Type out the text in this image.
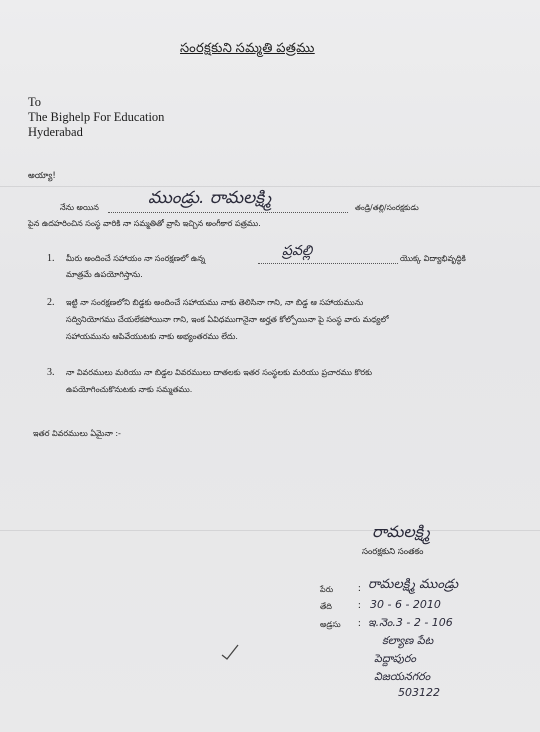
సంరక్షకుని సమ్మతి పత్రము
To
The Bighelp For Education
Hyderabad
అయ్యా!
నేను అయిన	ముండ్రు. రామలక్ష్మి	తండ్రి/తల్లి/సంరక్షకుడు
పైన ఉదహరించిన సంస్థ వారికి నా సమ్మతితో వ్రాసి ఇచ్చిన అంగీకార పత్రము.
1. మీరు అందించే సహాయం నా సంరక్షణలో ఉన్న	ప్రవల్లి	యొక్క విద్యాభివృద్ధికి
మాత్రమే ఉపయోగిస్తాను.
2. ఇట్టి నా సంరక్షణలోని బిడ్డకు అందించే సహాయము నాకు తెలిసినా గాని, నా బిడ్డ ఆ సహాయమును
సద్వినియోగము చేయలేకపోయినా గాని, ఇంక ఏవిధముగానైనా అర్హత కోల్పోయినా పై సంస్థ వారు మధ్యలో
సహాయమును ఆపివేయుటకు నాకు అభ్యంతరము లేదు.
3. నా వివరములు మరియు నా బిడ్డల వివరములు దాతలకు ఇతర సంస్థలకు మరియు ప్రచారము కొరకు
ఉపయోగించుకొనుటకు నాకు సమ్మతము.
ఇతర వివరములు ఏమైనా :-
రామలక్ష్మి
సంరక్షకుని సంతకం
పేరు : రామలక్ష్మి ముండ్రు
తేది	: 30 - 6 - 2010
అడ్రసు : ఇ.నెం.3 - 2 - 106
కల్యాణ పేట
పెద్దాపురం
విజయనగరం
503122
